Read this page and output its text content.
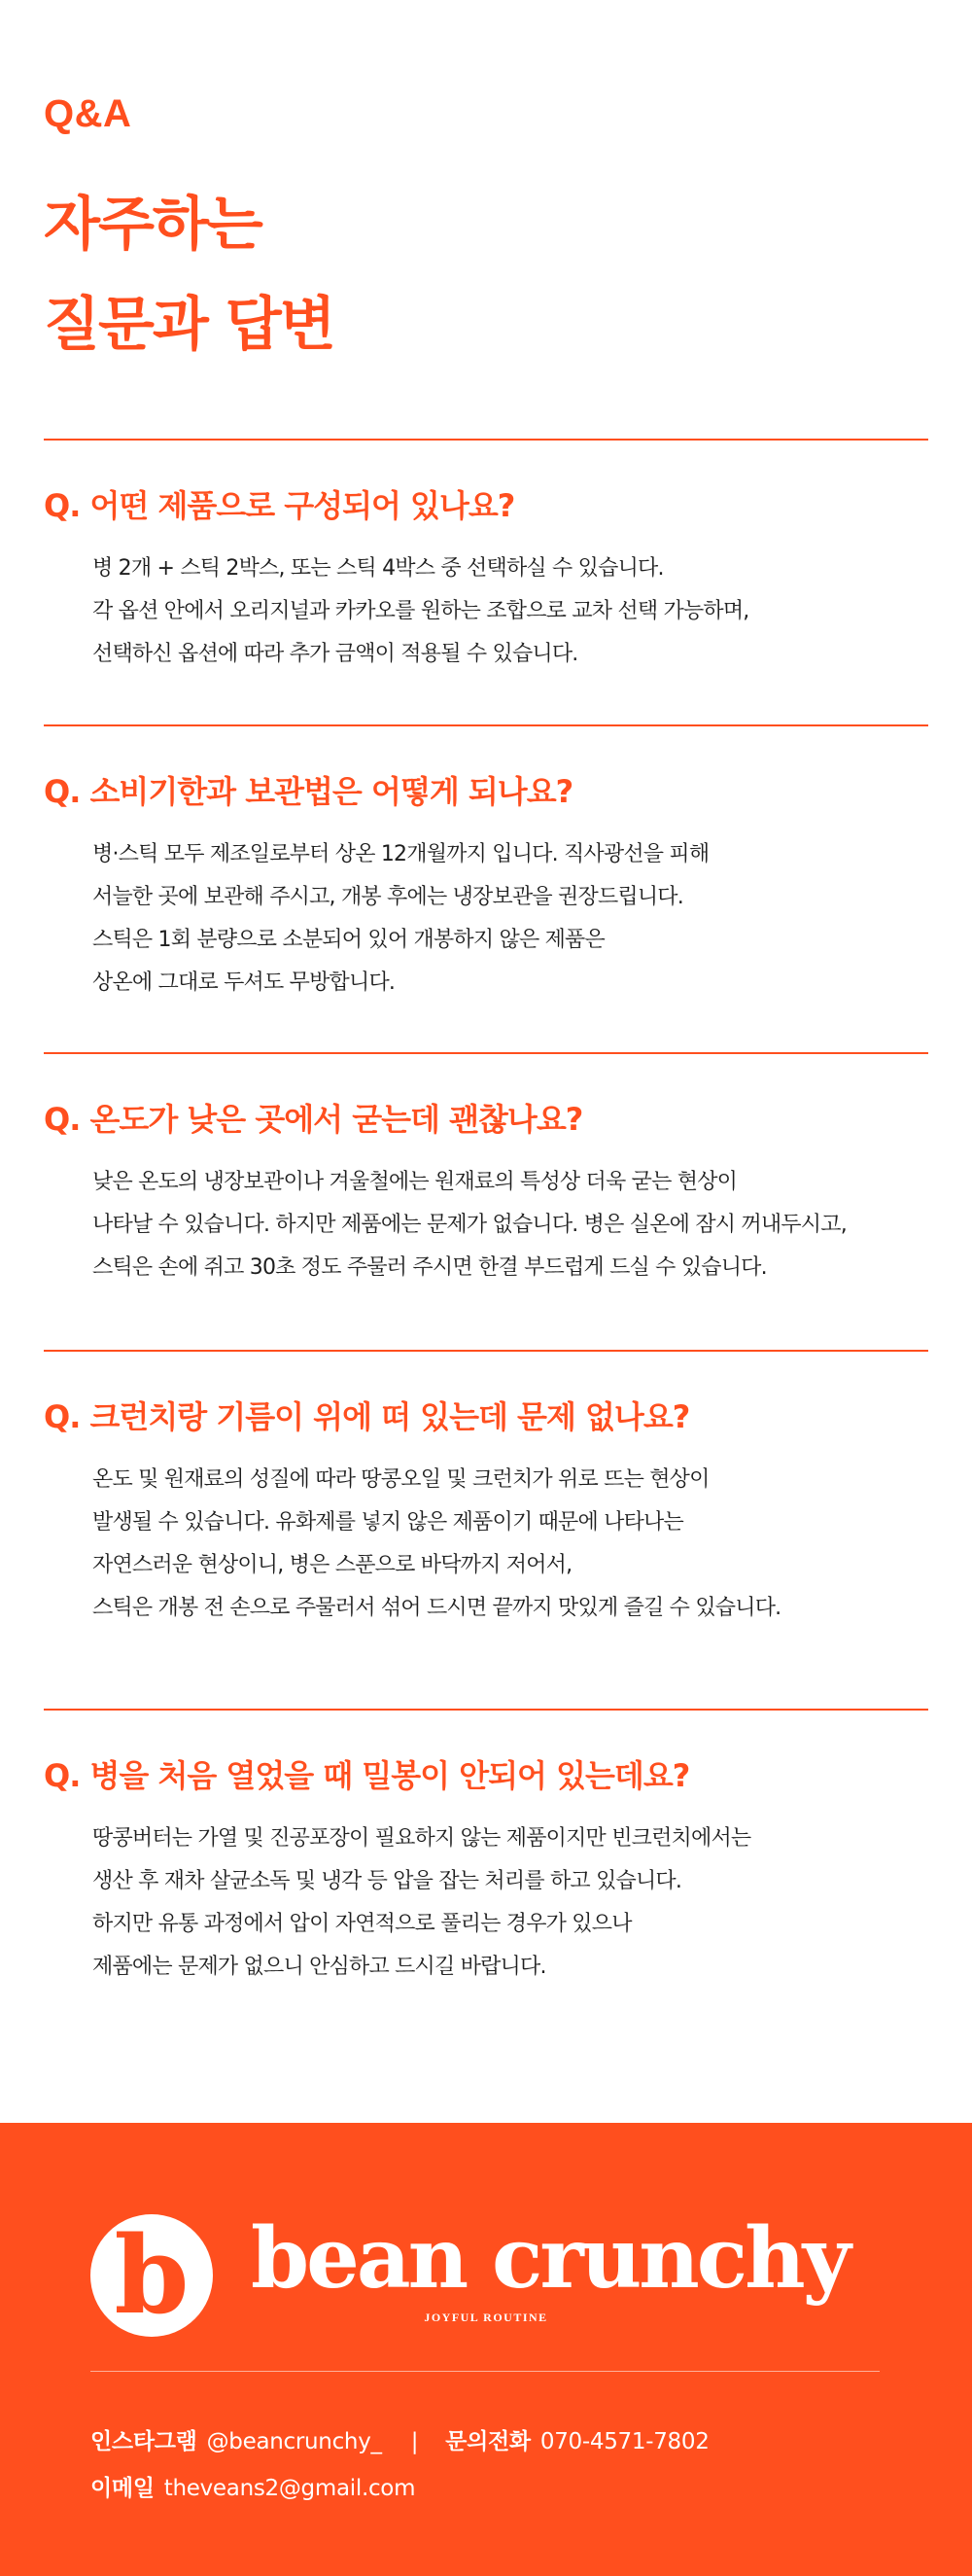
Q&A
자주하는
질문과 답변
Q. 어떤 제품으로 구성되어 있나요?
병 2개 + 스틱 2박스, 또는 스틱 4박스 중 선택하실 수 있습니다.
각 옵션 안에서 오리지널과 카카오를 원하는 조합으로 교차 선택 가능하며,
선택하신 옵션에 따라 추가 금액이 적용될 수 있습니다.
Q. 소비기한과 보관법은 어떻게 되나요?
병·스틱 모두 제조일로부터 상온 12개월까지 입니다. 직사광선을 피해
서늘한 곳에 보관해 주시고, 개봉 후에는 냉장보관을 권장드립니다.
스틱은 1회 분량으로 소분되어 있어 개봉하지 않은 제품은
상온에 그대로 두셔도 무방합니다.
Q. 온도가 낮은 곳에서 굳는데 괜찮나요?
낮은 온도의 냉장보관이나 겨울철에는 원재료의 특성상 더욱 굳는 현상이
나타날 수 있습니다. 하지만 제품에는 문제가 없습니다. 병은 실온에 잠시 꺼내두시고,
스틱은 손에 쥐고 30초 정도 주물러 주시면 한결 부드럽게 드실 수 있습니다.
Q. 크런치랑 기름이 위에 떠 있는데 문제 없나요?
온도 및 원재료의 성질에 따라 땅콩오일 및 크런치가 위로 뜨는 현상이
발생될 수 있습니다. 유화제를 넣지 않은 제품이기 때문에 나타나는
자연스러운 현상이니, 병은 스푼으로 바닥까지 저어서,
스틱은 개봉 전 손으로 주물러서 섞어 드시면 끝까지 맛있게 즐길 수 있습니다.
Q. 병을 처음 열었을 때 밀봉이 안되어 있는데요?
땅콩버터는 가열 및 진공포장이 필요하지 않는 제품이지만 빈크런치에서는
생산 후 재차 살균소독 및 냉각 등 압을 잡는 처리를 하고 있습니다.
하지만 유통 과정에서 압이 자연적으로 풀리는 경우가 있으나
제품에는 문제가 없으니 안심하고 드시길 바랍니다.
b bean crunchy
JOYFUL ROUTINE
인스타그램 @beancrunchy_ | 문의전화 070-4571-7802
이메일 theveans2@gmail.com
